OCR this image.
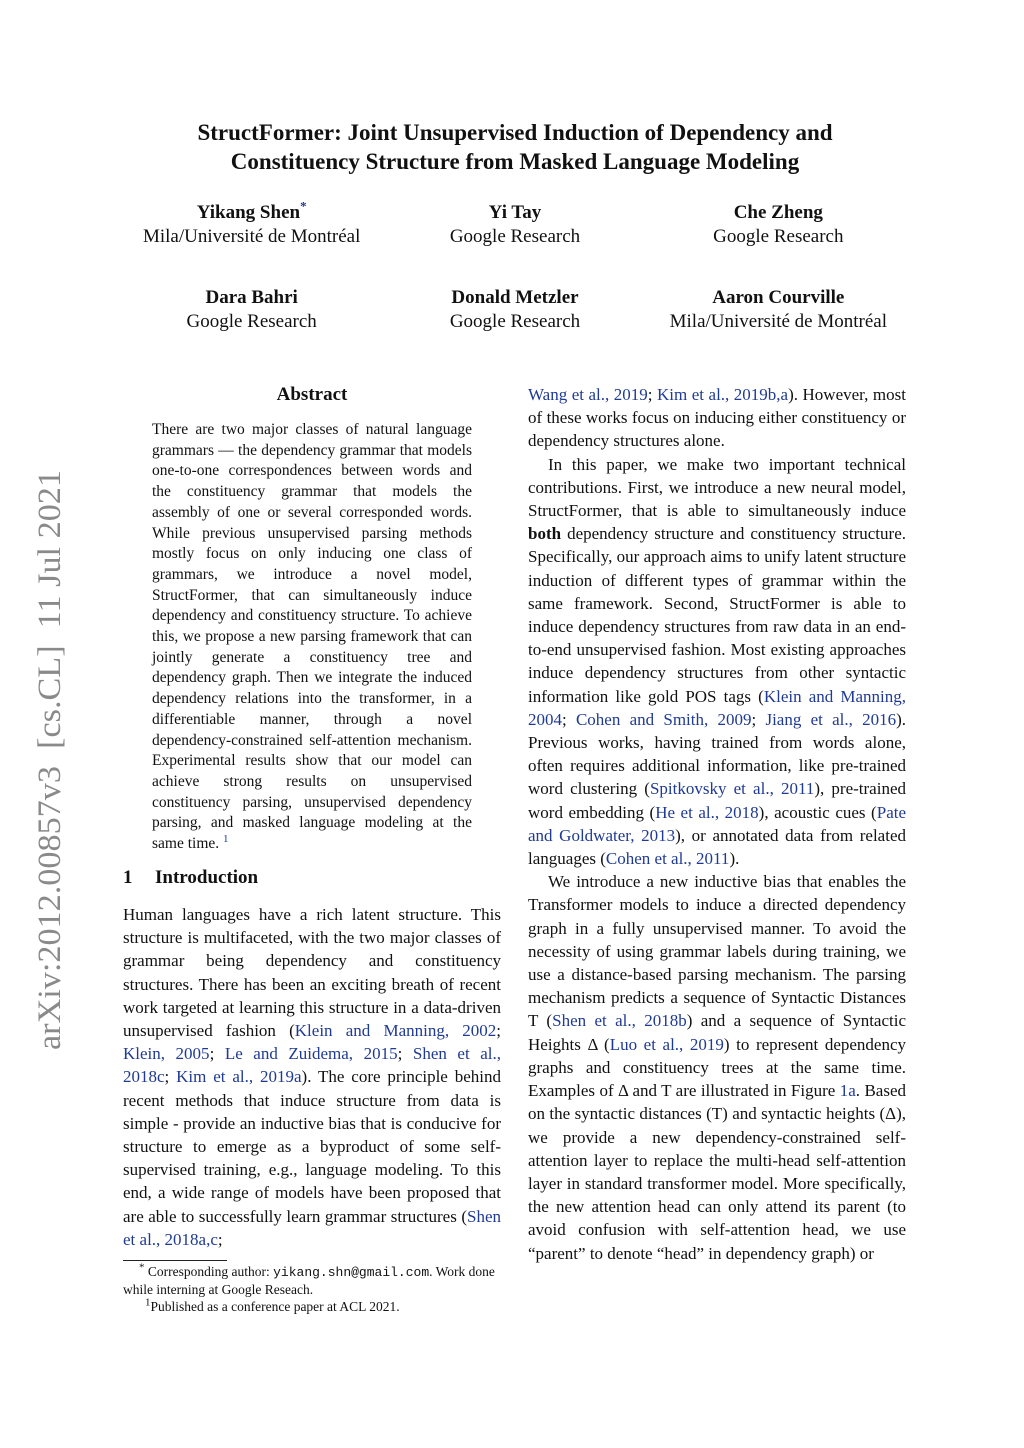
arXiv:2012.00857v3  [cs.CL]  11 Jul 2021
StructFormer: Joint Unsupervised Induction of Dependency and
Constituency Structure from Masked Language Modeling
Yikang Shen*
Mila/Université de Montréal
Yi Tay
Google Research
Che Zheng
Google Research
Dara Bahri
Google Research
Donald Metzler
Google Research
Aaron Courville
Mila/Université de Montréal
Abstract
There are two major classes of natural language grammars — the dependency grammar that models one-to-one correspondences between words and the constituency grammar that models the assembly of one or several corresponded words. While previous unsupervised parsing methods mostly focus on only inducing one class of grammars, we introduce a novel model, StructFormer, that can simultaneously induce dependency and constituency structure. To achieve this, we propose a new parsing framework that can jointly generate a constituency tree and dependency graph. Then we integrate the induced dependency relations into the transformer, in a differentiable manner, through a novel dependency-constrained self-attention mechanism. Experimental results show that our model can achieve strong results on unsupervised constituency parsing, unsupervised dependency parsing, and masked language modeling at the same time. $^1$
1 Introduction
Human languages have a rich latent structure. This structure is multifaceted, with the two major classes of grammar being dependency and constituency structures. There has been an exciting breath of recent work targeted at learning this structure in a data-driven unsupervised fashion (Klein and Manning, 2002; Klein, 2005; Le and Zuidema, 2015; Shen et al., 2018c; Kim et al., 2019a). The core principle behind recent methods that induce structure from data is simple - provide an inductive bias that is conducive for structure to emerge as a byproduct of some self-supervised training, e.g., language modeling. To this end, a wide range of models have been proposed that are able to successfully learn grammar structures (Shen et al., 2018a,c;

* Corresponding author: yikang.shn@gmail.com. Work done while interning at Google Reseach.

$^1$Published as a conference paper at ACL 2021.

Wang et al., 2019; Kim et al., 2019b,a). However, most of these works focus on inducing either constituency or dependency structures alone.

In this paper, we make two important technical contributions. First, we introduce a new neural model, StructFormer, that is able to simultaneously induce both dependency structure and constituency structure. Specifically, our approach aims to unify latent structure induction of different types of grammar within the same framework. Second, StructFormer is able to induce dependency structures from raw data in an end-to-end unsupervised fashion. Most existing approaches induce dependency structures from other syntactic information like gold POS tags (Klein and Manning, 2004; Cohen and Smith, 2009; Jiang et al., 2016). Previous works, having trained from words alone, often requires additional information, like pre-trained word clustering (Spitkovsky et al., 2011), pre-trained word embedding (He et al., 2018), acoustic cues (Pate and Goldwater, 2013), or annotated data from related languages (Cohen et al., 2011).

We introduce a new inductive bias that enables the Transformer models to induce a directed dependency graph in a fully unsupervised manner. To avoid the necessity of using grammar labels during training, we use a distance-based parsing mechanism. The parsing mechanism predicts a sequence of Syntactic Distances T (Shen et al., 2018b) and a sequence of Syntactic Heights Δ (Luo et al., 2019) to represent dependency graphs and constituency trees at the same time. Examples of Δ and T are illustrated in Figure 1a. Based on the syntactic distances (T) and syntactic heights (Δ), we provide a new dependency-constrained self-attention layer to replace the multi-head self-attention layer in standard transformer model. More specifically, the new attention head can only attend its parent (to avoid confusion with self-attention head, we use “parent” to denote “head” in dependency graph) or
